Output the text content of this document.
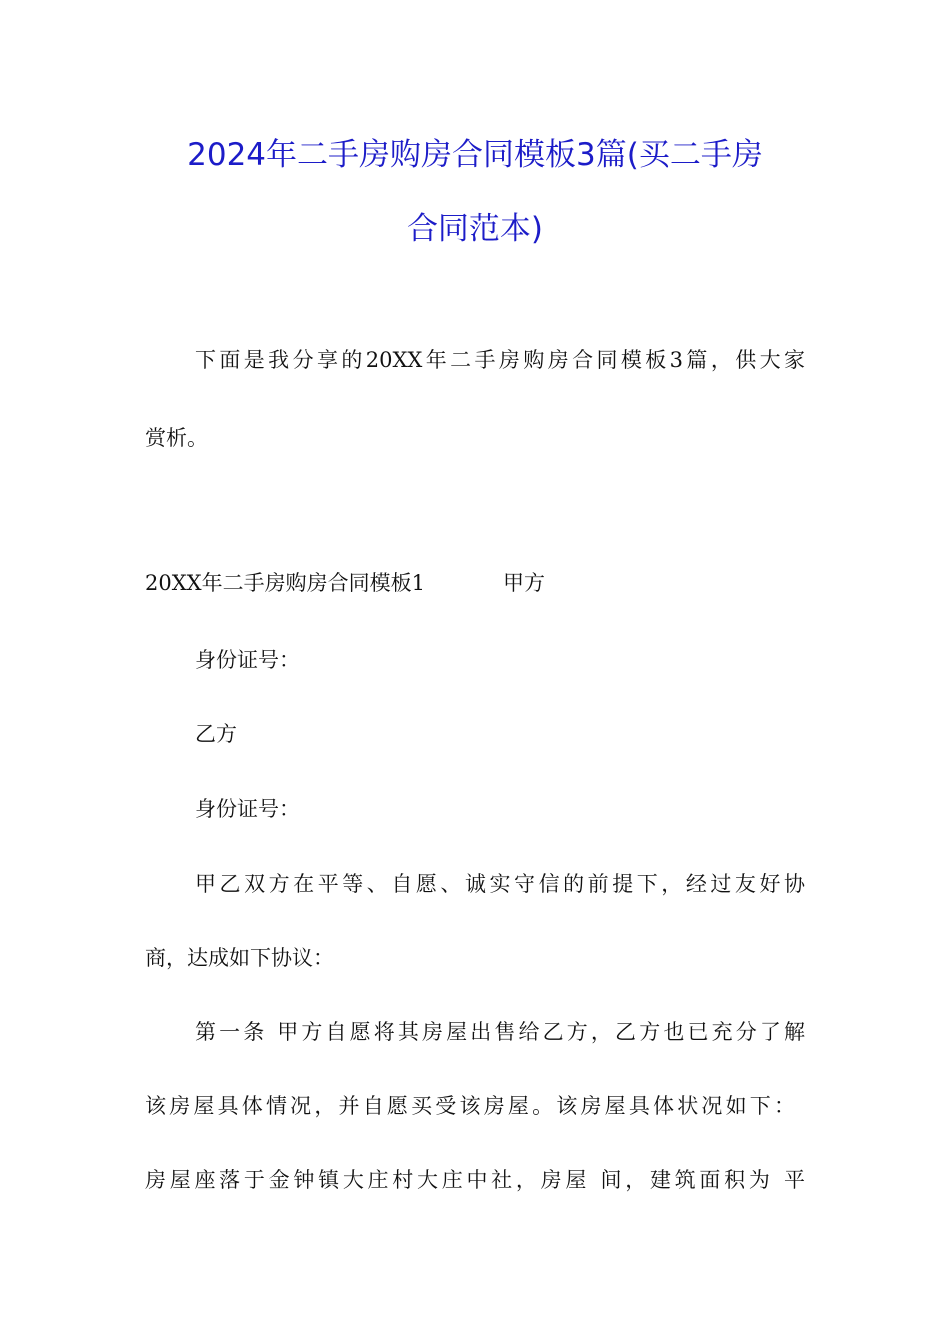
2024年二手房购房合同模板3篇(买二手房
合同范本)
下面是我分享的20XX年二手房购房合同模板3篇，供大家
赏析。
20XX年二手房购房合同模板1	甲方
身份证号：
乙方
身份证号：
甲乙双方在平等、自愿、诚实守信的前提下，经过友好协
商，达成如下协议：
第一条 甲方自愿将其房屋出售给乙方，乙方也已充分了解
该房屋具体情况，并自愿买受该房屋。该房屋具体状况如下：
房屋座落于金钟镇大庄村大庄中社，房屋 间，建筑面积为 平
